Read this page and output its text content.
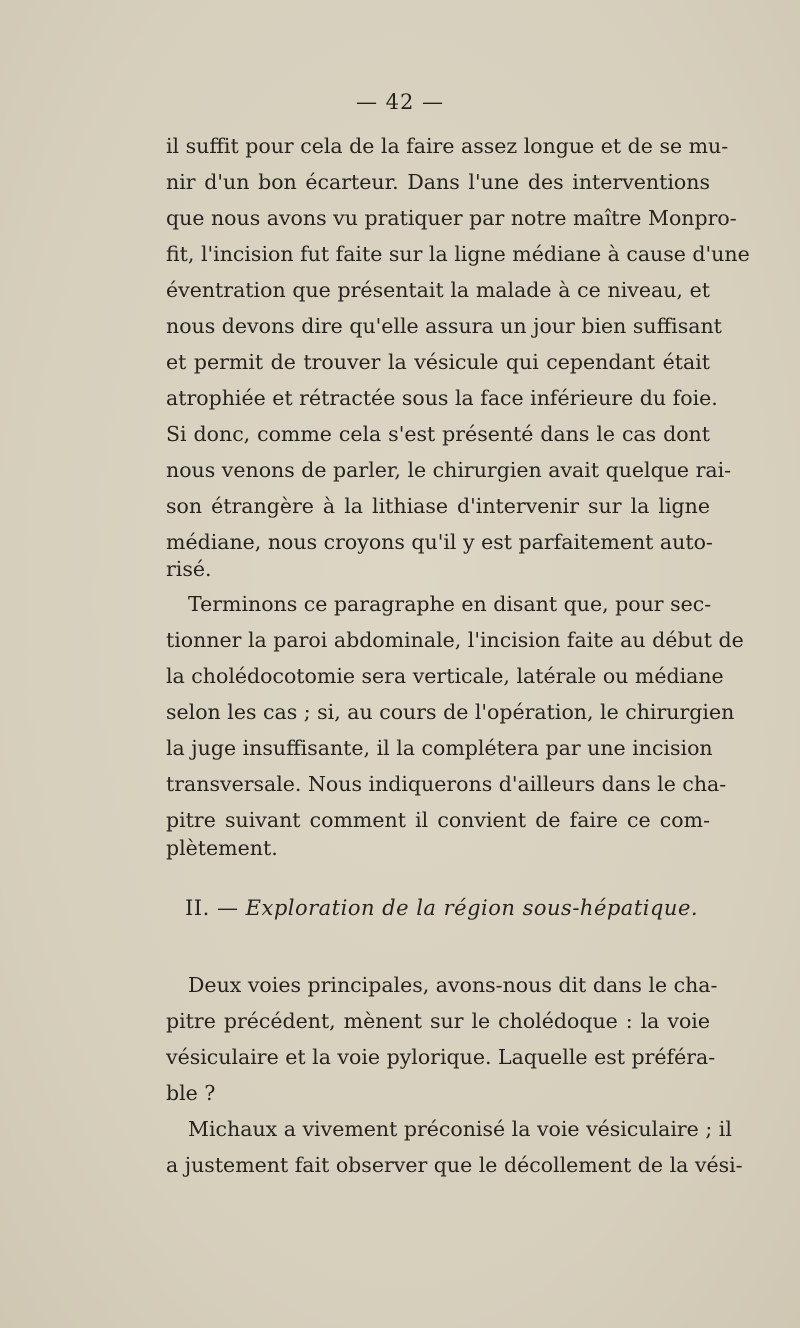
— 42 —
il suffit pour cela de la faire assez longue et de se mu-
nir d'un bon écarteur. Dans l'une des interventions
que nous avons vu pratiquer par notre maître Monpro-
fit, l'incision fut faite sur la ligne médiane à cause d'une
éventration que présentait la malade à ce niveau, et
nous devons dire qu'elle assura un jour bien suffisant
et permit de trouver la vésicule qui cependant était
atrophiée et rétractée sous la face inférieure du foie.
Si donc, comme cela s'est présenté dans le cas dont
nous venons de parler, le chirurgien avait quelque rai-
son étrangère à la lithiase d'intervenir sur la ligne
médiane, nous croyons qu'il y est parfaitement auto-
risé.
Terminons ce paragraphe en disant que, pour sec-
tionner la paroi abdominale, l'incision faite au début de
la cholédocotomie sera verticale, latérale ou médiane
selon les cas ; si, au cours de l'opération, le chirurgien
la juge insuffisante, il la complétera par une incision
transversale. Nous indiquerons d'ailleurs dans le cha-
pitre suivant comment il convient de faire ce com-
plètement.
II. — Exploration de la région sous-hépatique.
Deux voies principales, avons-nous dit dans le cha-
pitre précédent, mènent sur le cholédoque : la voie
vésiculaire et la voie pylorique. Laquelle est préféra-
ble ?
Michaux a vivement préconisé la voie vésiculaire ; il
a justement fait observer que le décollement de la vési-
